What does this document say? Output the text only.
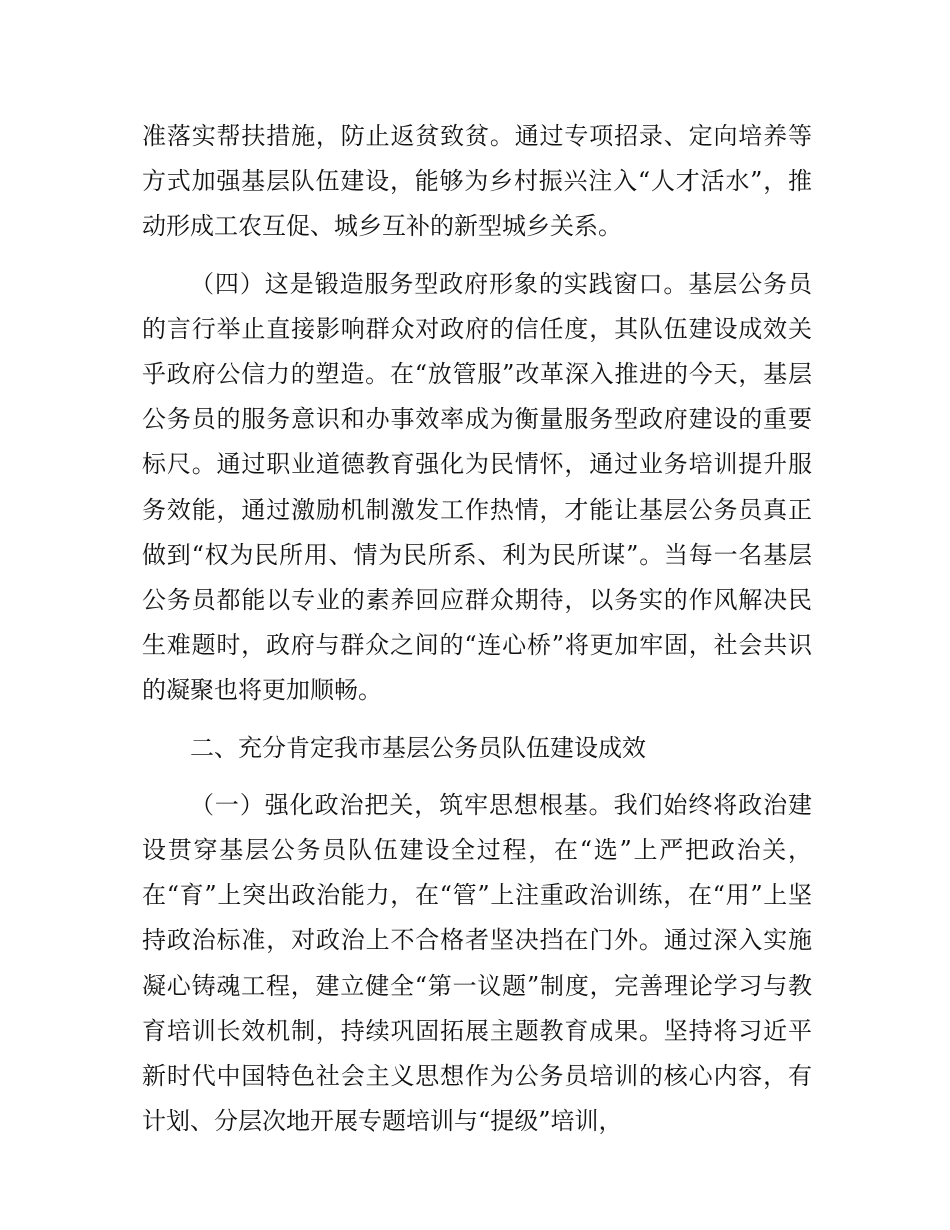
准落实帮扶措施，防止返贫致贫。通过专项招录、定向培养等方式加强基层队伍建设，能够为乡村振兴注入“人才活水”，推动形成工农互促、城乡互补的新型城乡关系。

（四）这是锻造服务型政府形象的实践窗口。基层公务员的言行举止直接影响群众对政府的信任度，其队伍建设成效关乎政府公信力的塑造。在“放管服”改革深入推进的今天，基层公务员的服务意识和办事效率成为衡量服务型政府建设的重要标尺。通过职业道德教育强化为民情怀，通过业务培训提升服务效能，通过激励机制激发工作热情，才能让基层公务员真正做到“权为民所用、情为民所系、利为民所谋”。当每一名基层公务员都能以专业的素养回应群众期待，以务实的作风解决民生难题时，政府与群众之间的“连心桥”将更加牢固，社会共识的凝聚也将更加顺畅。

二、充分肯定我市基层公务员队伍建设成效

（一）强化政治把关，筑牢思想根基。我们始终将政治建设贯穿基层公务员队伍建设全过程，在“选”上严把政治关，在“育”上突出政治能力，在“管”上注重政治训练，在“用”上坚持政治标准，对政治上不合格者坚决挡在门外。通过深入实施凝心铸魂工程，建立健全“第一议题”制度，完善理论学习与教育培训长效机制，持续巩固拓展主题教育成果。坚持将习近平新时代中国特色社会主义思想作为公务员培训的核心内容，有计划、分层次地开展专题培训与“提级”培训，
